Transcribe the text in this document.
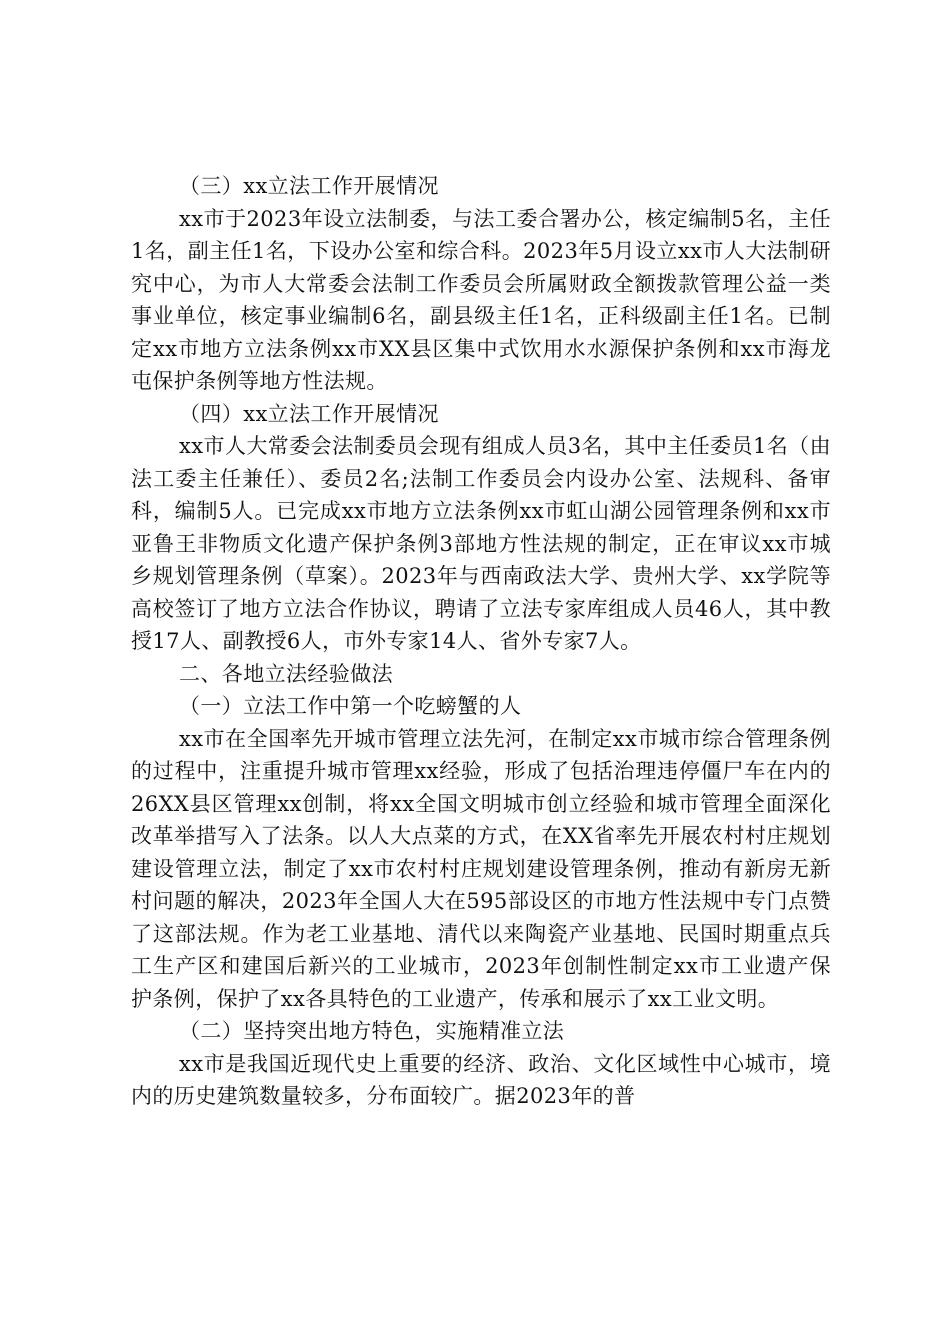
（三）xx立法工作开展情况

xx市于2023年设立法制委，与法工委合署办公，核定编制5名，主任1名，副主任1名，下设办公室和综合科。2023年5月设立xx市人大法制研究中心，为市人大常委会法制工作委员会所属财政全额拨款管理公益一类事业单位，核定事业编制6名，副县级主任1名，正科级副主任1名。已制定xx市地方立法条例xx市XX县区集中式饮用水水源保护条例和xx市海龙屯保护条例等地方性法规。

（四）xx立法工作开展情况

xx市人大常委会法制委员会现有组成人员3名，其中主任委员1名（由法工委主任兼任）、委员2名;法制工作委员会内设办公室、法规科、备审科，编制5人。已完成xx市地方立法条例xx市虹山湖公园管理条例和xx市亚鲁王非物质文化遗产保护条例3部地方性法规的制定，正在审议xx市城乡规划管理条例（草案）。2023年与西南政法大学、贵州大学、xx学院等高校签订了地方立法合作协议，聘请了立法专家库组成人员46人，其中教授17人、副教授6人，市外专家14人、省外专家7人。

二、各地立法经验做法

（一）立法工作中第一个吃螃蟹的人

xx市在全国率先开城市管理立法先河，在制定xx市城市综合管理条例的过程中，注重提升城市管理xx经验，形成了包括治理违停僵尸车在内的26XX县区管理xx创制，将xx全国文明城市创立经验和城市管理全面深化改革举措写入了法条。以人大点菜的方式，在XX省率先开展农村村庄规划建设管理立法，制定了xx市农村村庄规划建设管理条例，推动有新房无新村问题的解决，2023年全国人大在595部设区的市地方性法规中专门点赞了这部法规。作为老工业基地、清代以来陶瓷产业基地、民国时期重点兵工生产区和建国后新兴的工业城市，2023年创制性制定xx市工业遗产保护条例，保护了xx各具特色的工业遗产，传承和展示了xx工业文明。

（二）坚持突出地方特色，实施精准立法

xx市是我国近现代史上重要的经济、政治、文化区域性中心城市，境内的历史建筑数量较多，分布面较广。据2023年的普
